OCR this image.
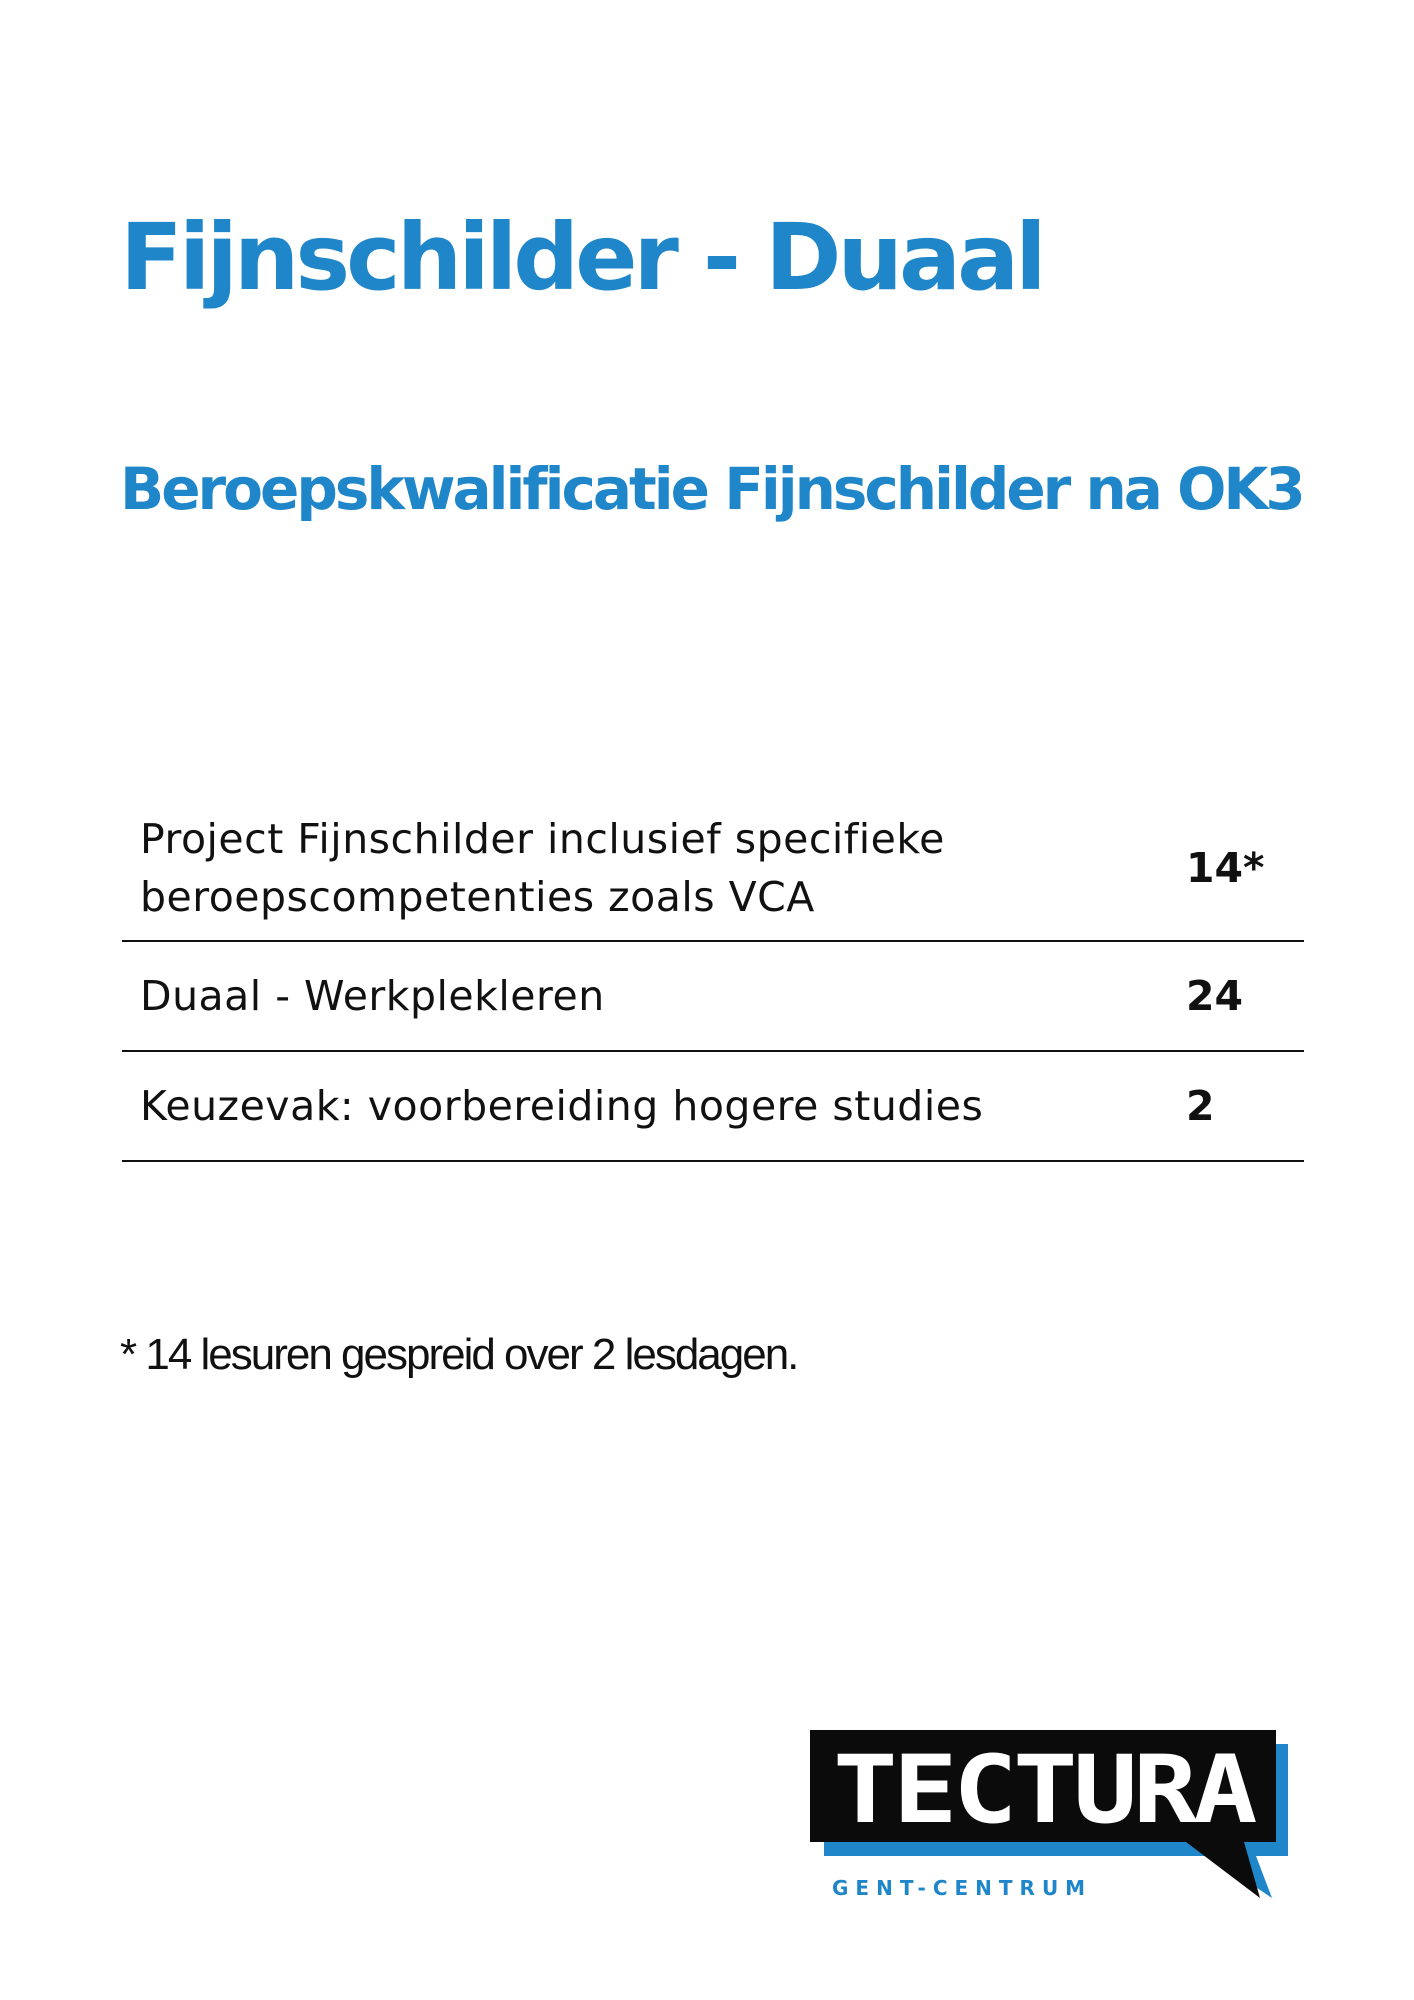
Fijnschilder - Duaal
Beroepskwalificatie Fijnschilder na OK3
Project Fijnschilder inclusief specifieke
beroepscompetenties zoals VCA
14*
Duaal - Werkplekleren	24
Keuzevak: voorbereiding hogere studies	2

* 14 lesuren gespreid over 2 lesdagen.

TECTURA
GENT-CENTRUM
